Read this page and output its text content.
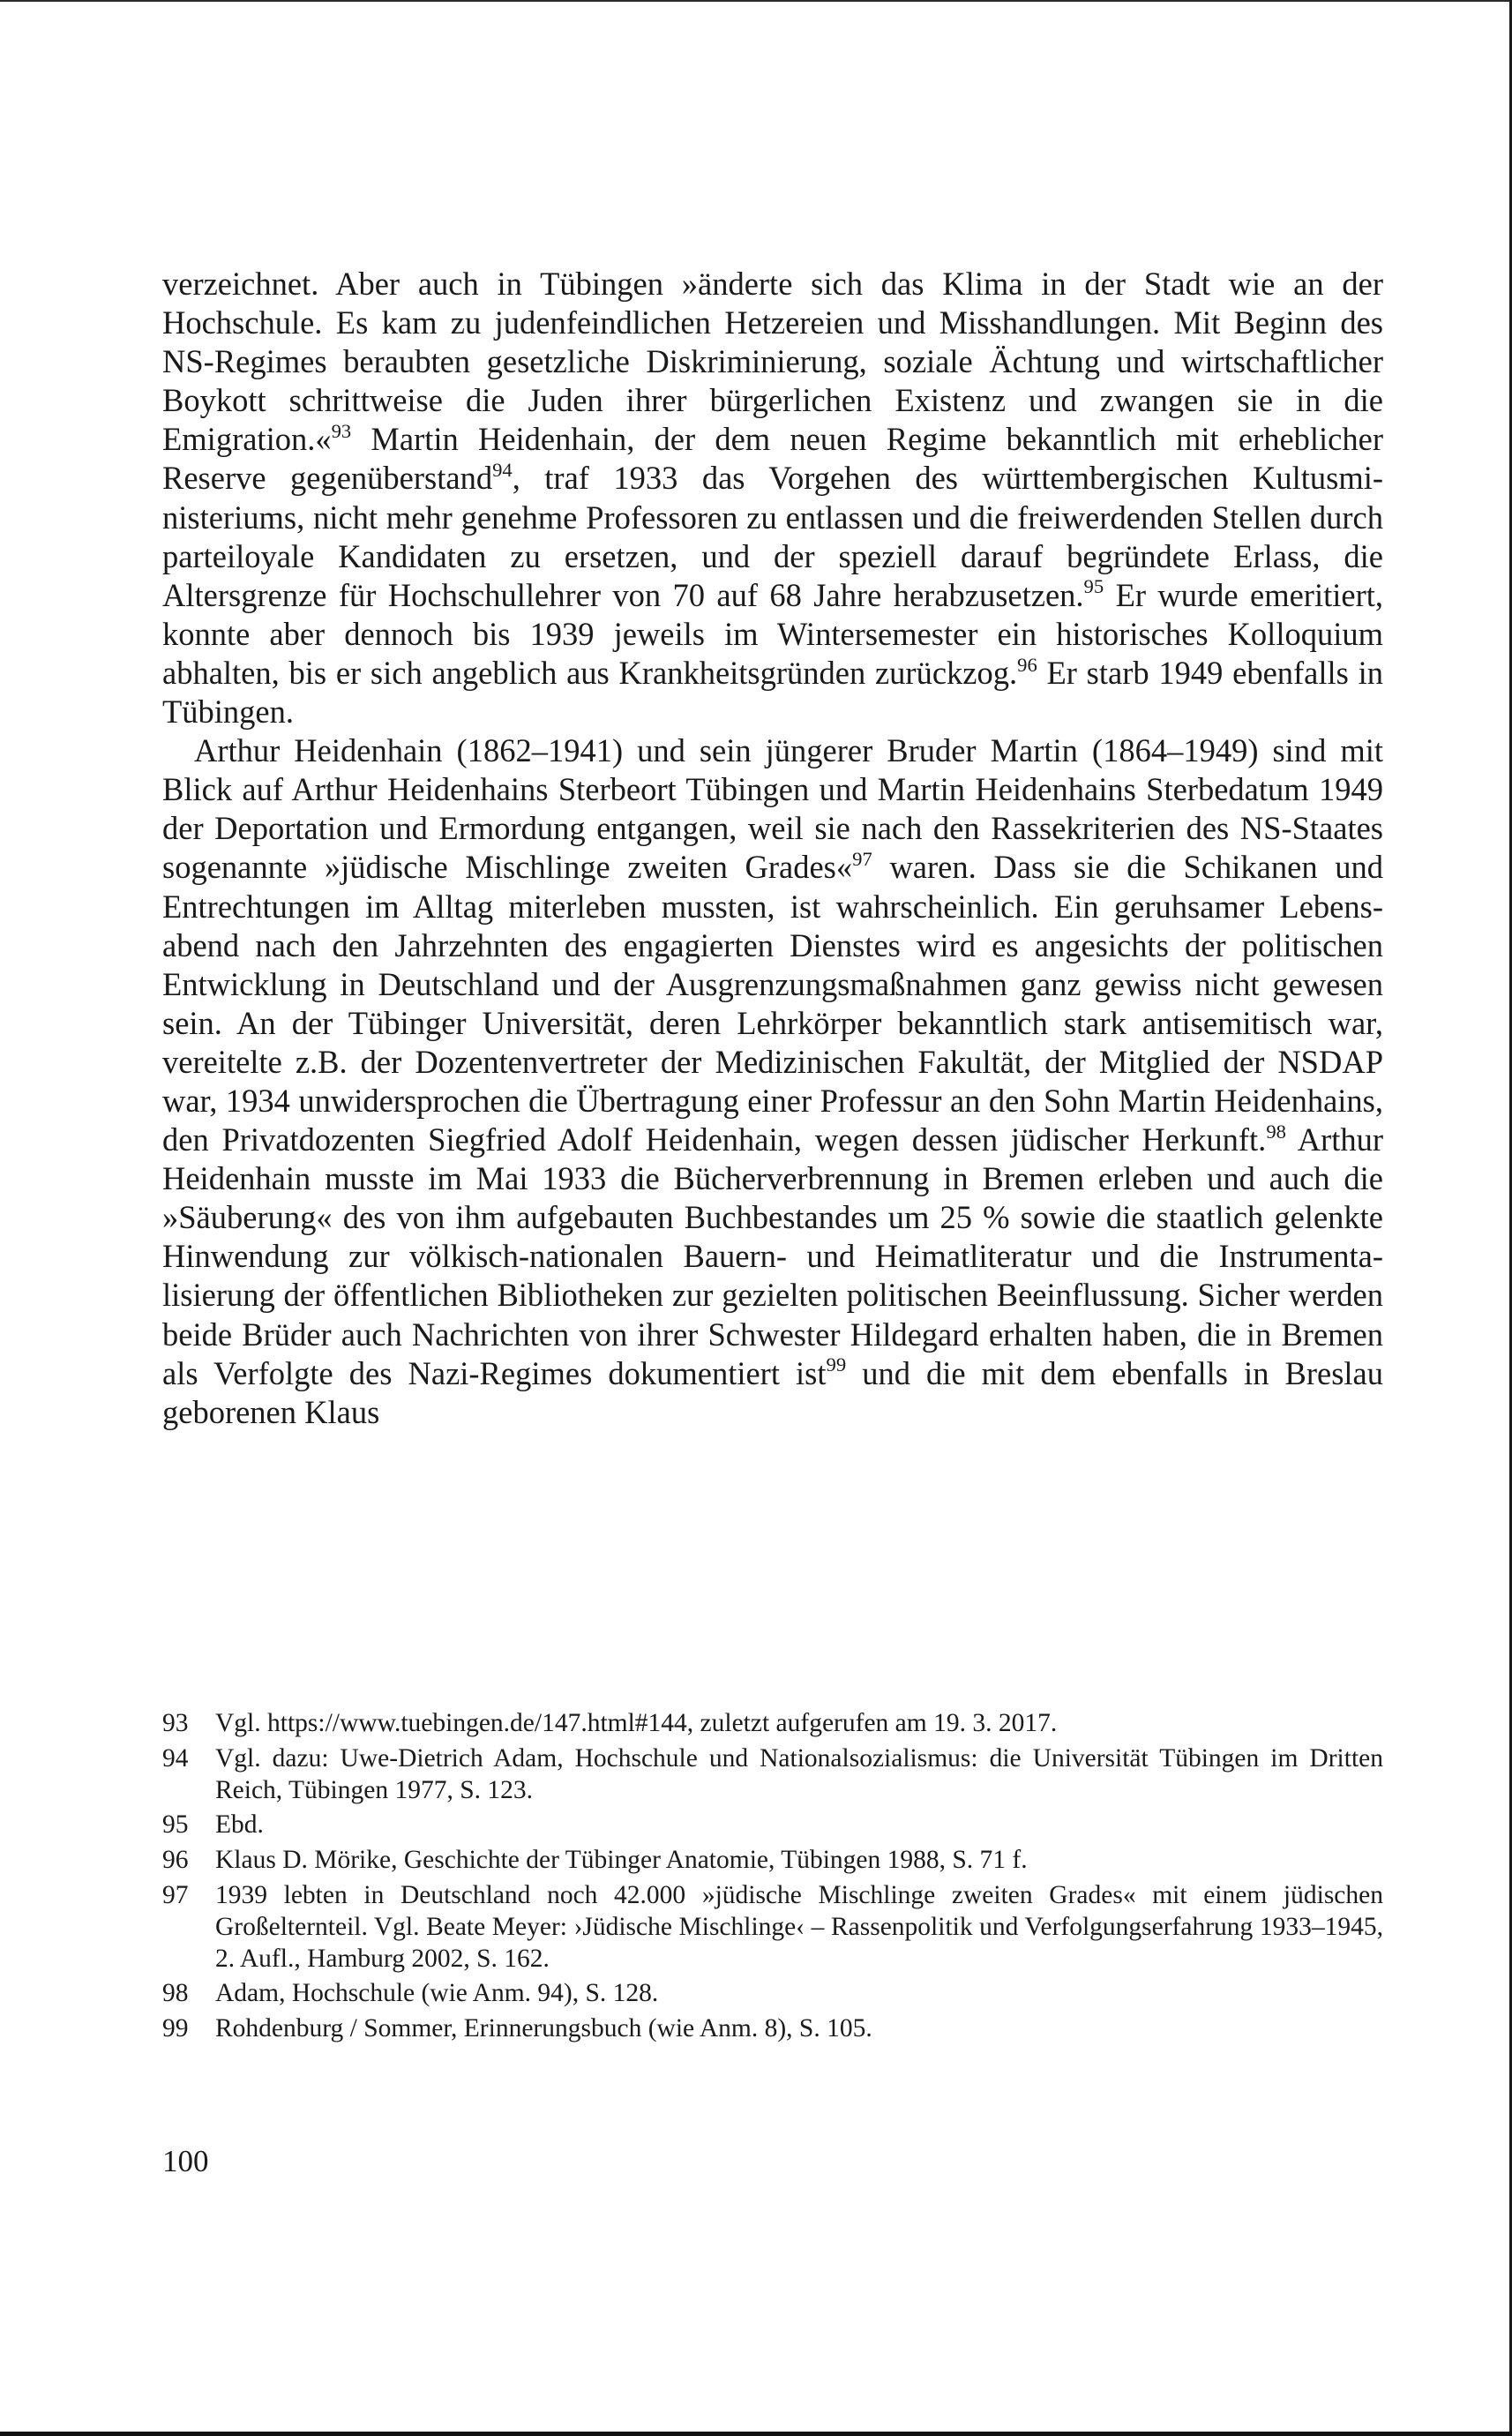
verzeichnet. Aber auch in Tübingen »änderte sich das Klima in der Stadt wie an der Hochschule. Es kam zu judenfeindlichen Hetzereien und Misshandlungen. Mit Beginn des NS-Regimes beraubten gesetzliche Diskriminierung, soziale Ächtung und wirtschaftlicher Boykott schrittweise die Juden ihrer bürgerlichen Existenz und zwangen sie in die Emigration.«$^{93}$ Martin Heidenhain, der dem neuen Regime bekanntlich mit erheblicher Reserve gegenüberstand$^{94}$, traf 1933 das Vorgehen des württembergischen Kultusministeriums, nicht mehr genehme Professoren zu entlassen und die freiwerdenden Stellen durch parteiloyale Kandidaten zu ersetzen, und der speziell darauf begründete Erlass, die Altersgrenze für Hochschullehrer von 70 auf 68 Jahre herabzusetzen.$^{95}$ Er wurde emeritiert, konnte aber dennoch bis 1939 jeweils im Wintersemester ein historisches Kolloquium abhalten, bis er sich angeblich aus Krankheitsgründen zurückzog.$^{96}$ Er starb 1949 ebenfalls in Tübingen.

Arthur Heidenhain (1862–1941) und sein jüngerer Bruder Martin (1864–1949) sind mit Blick auf Arthur Heidenhains Sterbeort Tübingen und Martin Heidenhains Sterbedatum 1949 der Deportation und Ermordung entgangen, weil sie nach den Rassekriterien des NS-Staates sogenannte »jüdische Mischlinge zweiten Grades«$^{97}$ waren. Dass sie die Schikanen und Entrechtungen im Alltag miterleben mussten, ist wahrscheinlich. Ein geruhsamer Lebensabend nach den Jahrzehnten des engagierten Dienstes wird es angesichts der politischen Entwicklung in Deutschland und der Ausgrenzungsmaßnahmen ganz gewiss nicht gewesen sein. An der Tübinger Universität, deren Lehrkörper bekanntlich stark antisemitisch war, vereitelte z.B. der Dozentenvertreter der Medizinischen Fakultät, der Mitglied der NSDAP war, 1934 unwidersprochen die Übertragung einer Professur an den Sohn Martin Heidenhains, den Privatdozenten Siegfried Adolf Heidenhain, wegen dessen jüdischer Herkunft.$^{98}$ Arthur Heidenhain musste im Mai 1933 die Bücherverbrennung in Bremen erleben und auch die »Säuberung« des von ihm aufgebauten Buchbestandes um 25 % sowie die staatlich gelenkte Hinwendung zur völkisch-nationalen Bauern- und Heimatliteratur und die Instrumentalisierung der öffentlichen Bibliotheken zur gezielten politischen Beeinflussung. Sicher werden beide Brüder auch Nachrichten von ihrer Schwester Hildegard erhalten haben, die in Bremen als Verfolgte des Nazi-Regimes dokumentiert ist$^{99}$ und die mit dem ebenfalls in Breslau geborenen Klaus

93	Vgl. https://www.tuebingen.de/147.html#144, zuletzt aufgerufen am 19. 3. 2017.
94	Vgl. dazu: Uwe-Dietrich Adam, Hochschule und Nationalsozialismus: die Universität Tübingen im Dritten Reich, Tübingen 1977, S. 123.
95	Ebd.
96	Klaus D. Mörike, Geschichte der Tübinger Anatomie, Tübingen 1988, S. 71 f.
97	1939 lebten in Deutschland noch 42.000 »jüdische Mischlinge zweiten Grades« mit einem jüdischen Großelternteil. Vgl. Beate Meyer: ›Jüdische Mischlinge‹ – Rassenpolitik und Verfolgungserfahrung 1933–1945, 2. Aufl., Hamburg 2002, S. 162.
98	Adam, Hochschule (wie Anm. 94), S. 128.
99	Rohdenburg / Sommer, Erinnerungsbuch (wie Anm. 8), S. 105.
100
